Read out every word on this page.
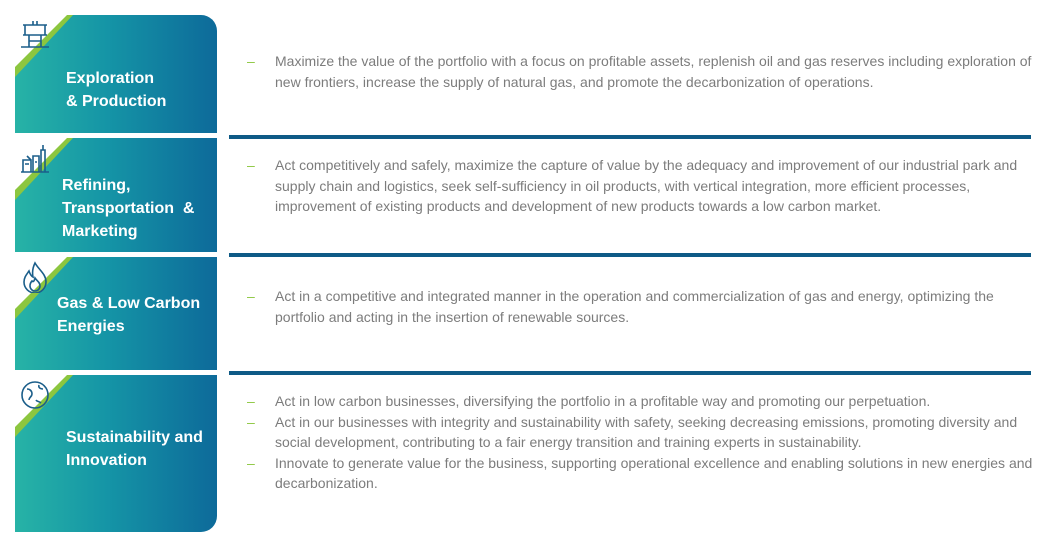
Exploration
& Production
Refining,
Transportation  &
Marketing
Gas & Low Carbon
Energies
Sustainability and
Innovation
– Maximize the value of the portfolio with a focus on profitable assets, replenish oil and gas reserves including exploration of new frontiers, increase the supply of natural gas, and promote the decarbonization of operations.
– Act competitively and safely, maximize the capture of value by the adequacy and improvement of our industrial park and supply chain and logistics, seek self-sufficiency in oil products, with vertical integration, more efficient processes, improvement of existing products and development of new products towards a low carbon market.
– Act in a competitive and integrated manner in the operation and commercialization of gas and energy, optimizing the portfolio and acting in the insertion of renewable sources.
– Act in low carbon businesses, diversifying the portfolio in a profitable way and promoting our perpetuation.
– Act in our businesses with integrity and sustainability with safety, seeking decreasing emissions, promoting diversity and social development, contributing to a fair energy transition and training experts in sustainability.
– Innovate to generate value for the business, supporting operational excellence and enabling solutions in new energies and decarbonization.
